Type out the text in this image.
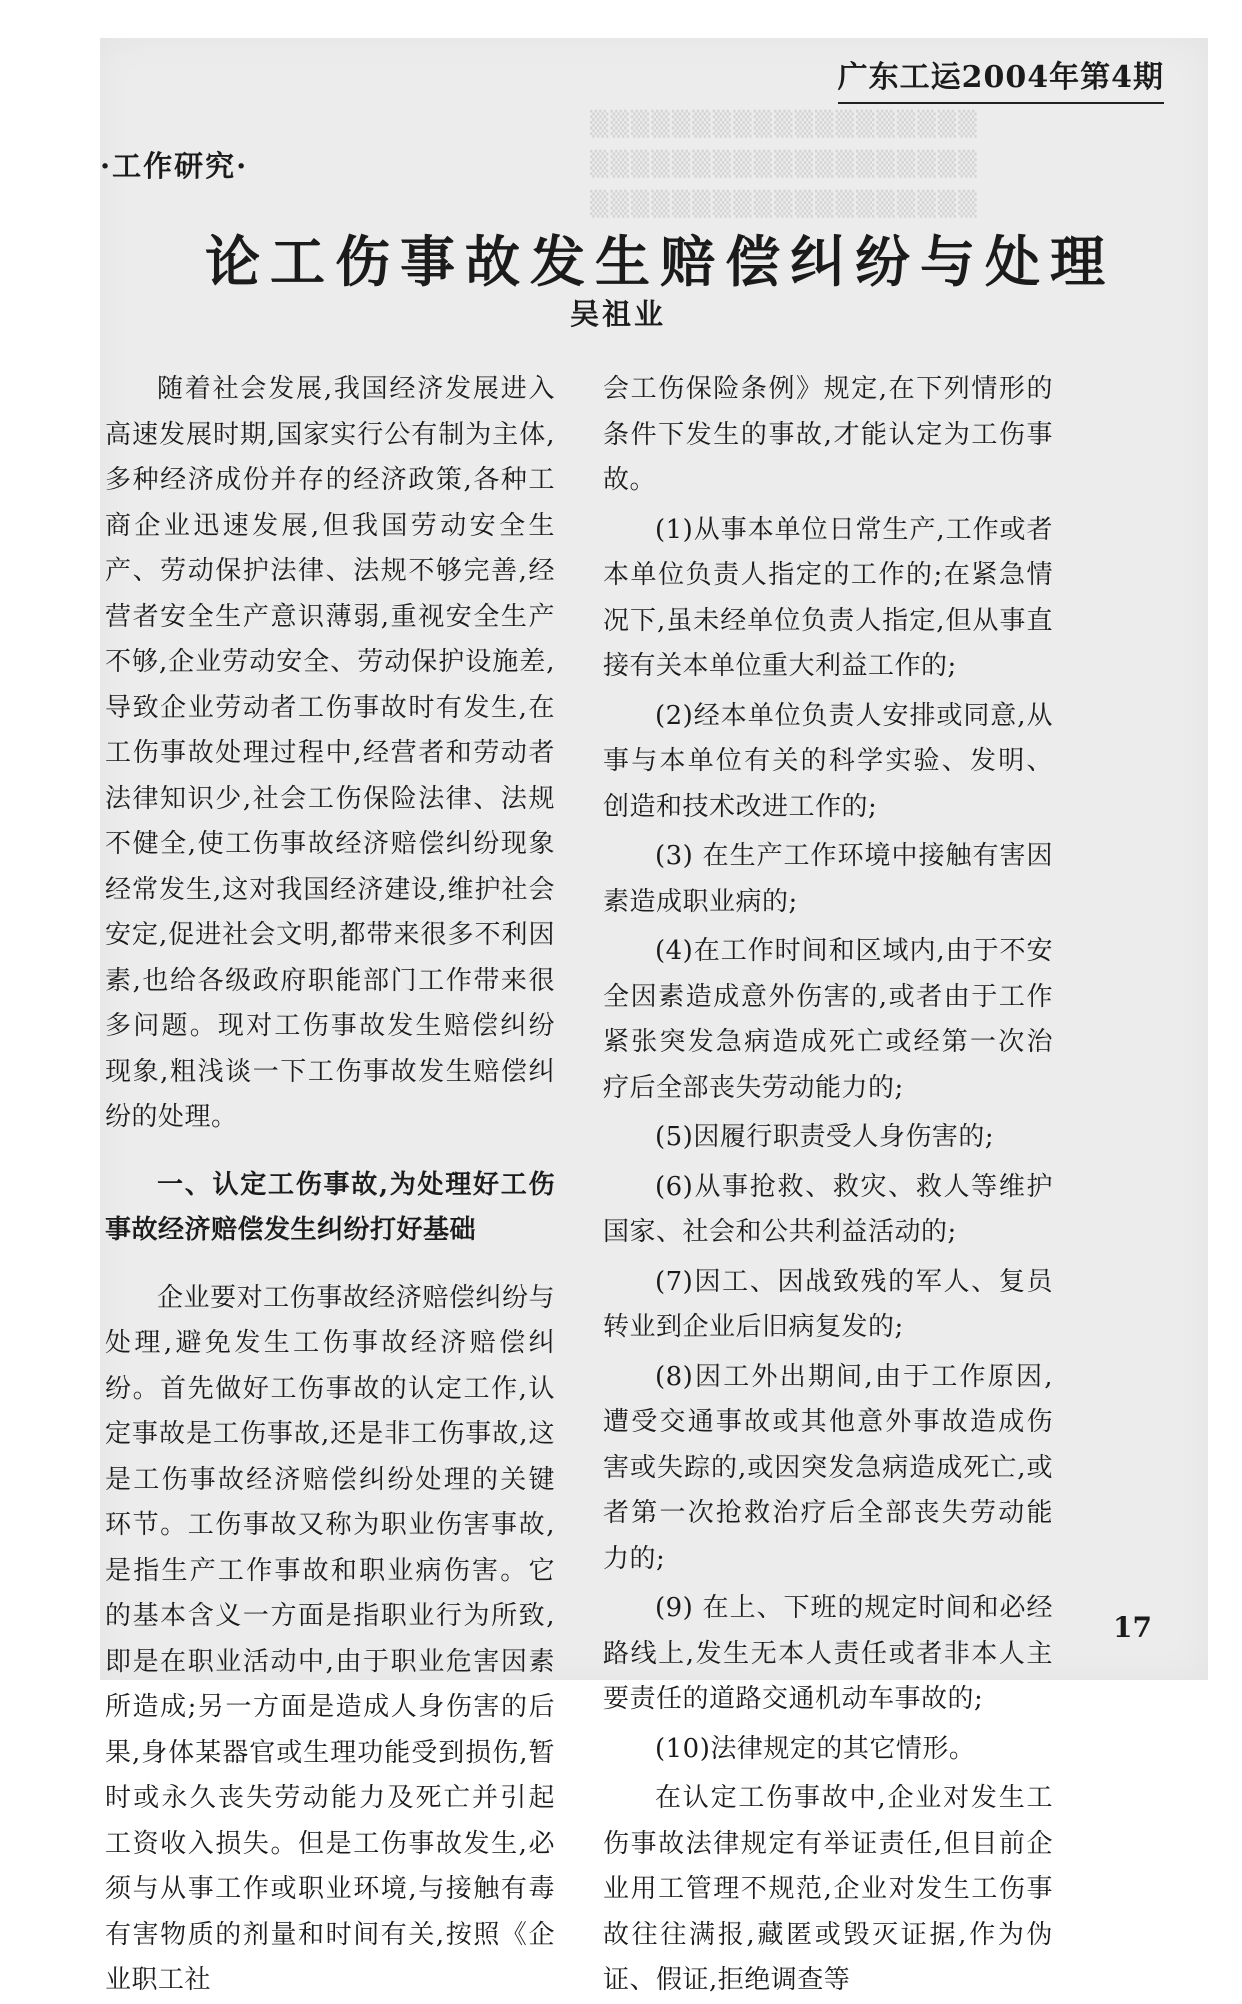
▒▒▒▒▒▒▒▒▒▒▒▒▒▒▒▒▒▒▒
▒▒▒▒▒▒▒▒▒▒▒▒▒▒▒▒▒▒▒
▒▒▒▒▒▒▒▒▒▒▒▒▒▒▒▒▒▒▒
广东工运2004年第4期
·工作研究·
论工伤事故发生赔偿纠纷与处理
吴祖业

随着社会发展,我国经济发展进入高速发展时期,国家实行公有制为主体,多种经济成份并存的经济政策,各种工商企业迅速发展,但我国劳动安全生产、劳动保护法律、法规不够完善,经营者安全生产意识薄弱,重视安全生产不够,企业劳动安全、劳动保护设施差,导致企业劳动者工伤事故时有发生,在工伤事故处理过程中,经营者和劳动者法律知识少,社会工伤保险法律、法规不健全,使工伤事故经济赔偿纠纷现象经常发生,这对我国经济建设,维护社会安定,促进社会文明,都带来很多不利因素,也给各级政府职能部门工作带来很多问题。现对工伤事故发生赔偿纠纷现象,粗浅谈一下工伤事故发生赔偿纠纷的处理。

一、认定工伤事故,为处理好工伤事故经济赔偿发生纠纷打好基础

企业要对工伤事故经济赔偿纠纷与处理,避免发生工伤事故经济赔偿纠纷。首先做好工伤事故的认定工作,认定事故是工伤事故,还是非工伤事故,这是工伤事故经济赔偿纠纷处理的关键环节。工伤事故又称为职业伤害事故,是指生产工作事故和职业病伤害。它的基本含义一方面是指职业行为所致,即是在职业活动中,由于职业危害因素所造成;另一方面是造成人身伤害的后果,身体某器官或生理功能受到损伤,暂时或永久丧失劳动能力及死亡并引起工资收入损失。但是工伤事故发生,必须与从事工作或职业环境,与接触有毒有害物质的剂量和时间有关,按照《企业职工社

会工伤保险条例》规定,在下列情形的条件下发生的事故,才能认定为工伤事故。

(1)从事本单位日常生产,工作或者本单位负责人指定的工作的;在紧急情况下,虽未经单位负责人指定,但从事直接有关本单位重大利益工作的;

(2)经本单位负责人安排或同意,从事与本单位有关的科学实验、发明、创造和技术改进工作的;

(3) 在生产工作环境中接触有害因素造成职业病的;

(4)在工作时间和区域内,由于不安全因素造成意外伤害的,或者由于工作紧张突发急病造成死亡或经第一次治疗后全部丧失劳动能力的;

(5)因履行职责受人身伤害的;

(6)从事抢救、救灾、救人等维护国家、社会和公共利益活动的;

(7)因工、因战致残的军人、复员转业到企业后旧病复发的;

(8)因工外出期间,由于工作原因,遭受交通事故或其他意外事故造成伤害或失踪的,或因突发急病造成死亡,或者第一次抢救治疗后全部丧失劳动能力的;

(9) 在上、下班的规定时间和必经路线上,发生无本人责任或者非本人主要责任的道路交通机动车事故的;

(10)法律规定的其它情形。

在认定工伤事故中,企业对发生工伤事故法律规定有举证责任,但目前企业用工管理不规范,企业对发生工伤事故往往满报,藏匿或毁灭证据,作为伪证、假证,拒绝调查等

17
